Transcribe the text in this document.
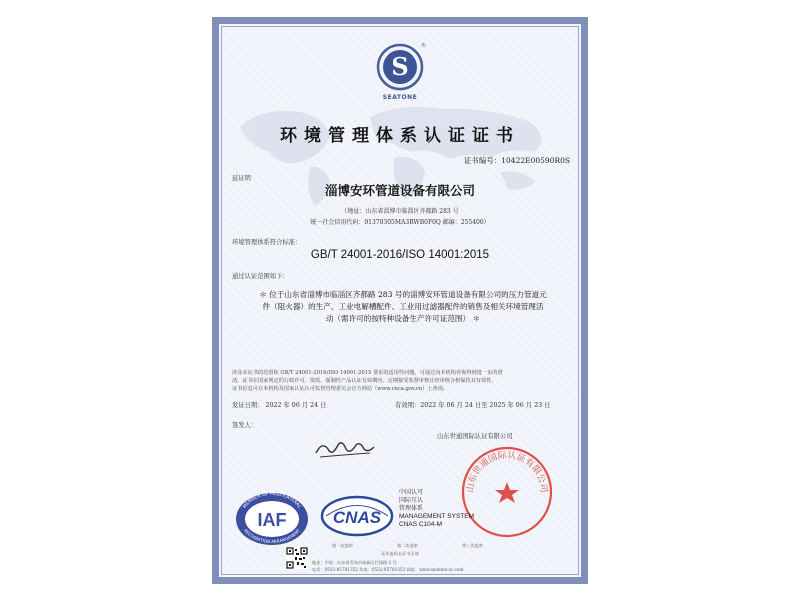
S
®
SEATONE
环境管理体系认证证书
证书编号：10422E00590R0S
兹证明
淄博安环管道设备有限公司
（地址：山东省淄博市临淄区齐都路 283 号
统一社会信用代码：91370305MA3RWB0F0Q 邮编：255400）
环境管理体系符合标准：
GB/T 24001-2016/ISO 14001:2015
通过认证范围如下：
＊ 位于山东省淄博市临淄区齐都路 283 号的淄博安环管道设备有限公司的压力管道元
件（阻火器）的生产、工业电解槽配件、工业用过滤器配件的销售及相关环境管理活
动（需许可的按特种设备生产许可证范围） ＊
涉及本证书的范围和 GB/T 24001-2016/ISO 14001:2015 要求的适用性问题，可通过向本机构咨询得到进一步的澄
清。证书在国家规定的行政许可、资质、强制性产品认证有效期内、定期接受监督审核且经审核合格保持其有效性。
证书信息可在本机构及国家认证认可监督管理委员会官方网站（www.cnca.gov.cn）上查询。
发证日期： 2022 年 06 月 24 日	有效期：2022 年 06 月 24 日至 2025 年 06 月 23 日
签发人：
山东世通国际认证有限公司
山东世通国际认证有限公司
MEMBER OF MULTILATERAL
RECOGNITION ARRANGEMENT
IAF	CNAS
中国认可
国际互认
管理体系
MANAGEMENT SYSTEM
CNAS C104-M
第一次监审	第二次监审	第三次监审
无年监标志证书无效
地址：中国 · 山东省青岛市高新区竹园路 2 号
电话：0532-85781352 传真：0532-85781352 网址：www.seatone-sc.com
